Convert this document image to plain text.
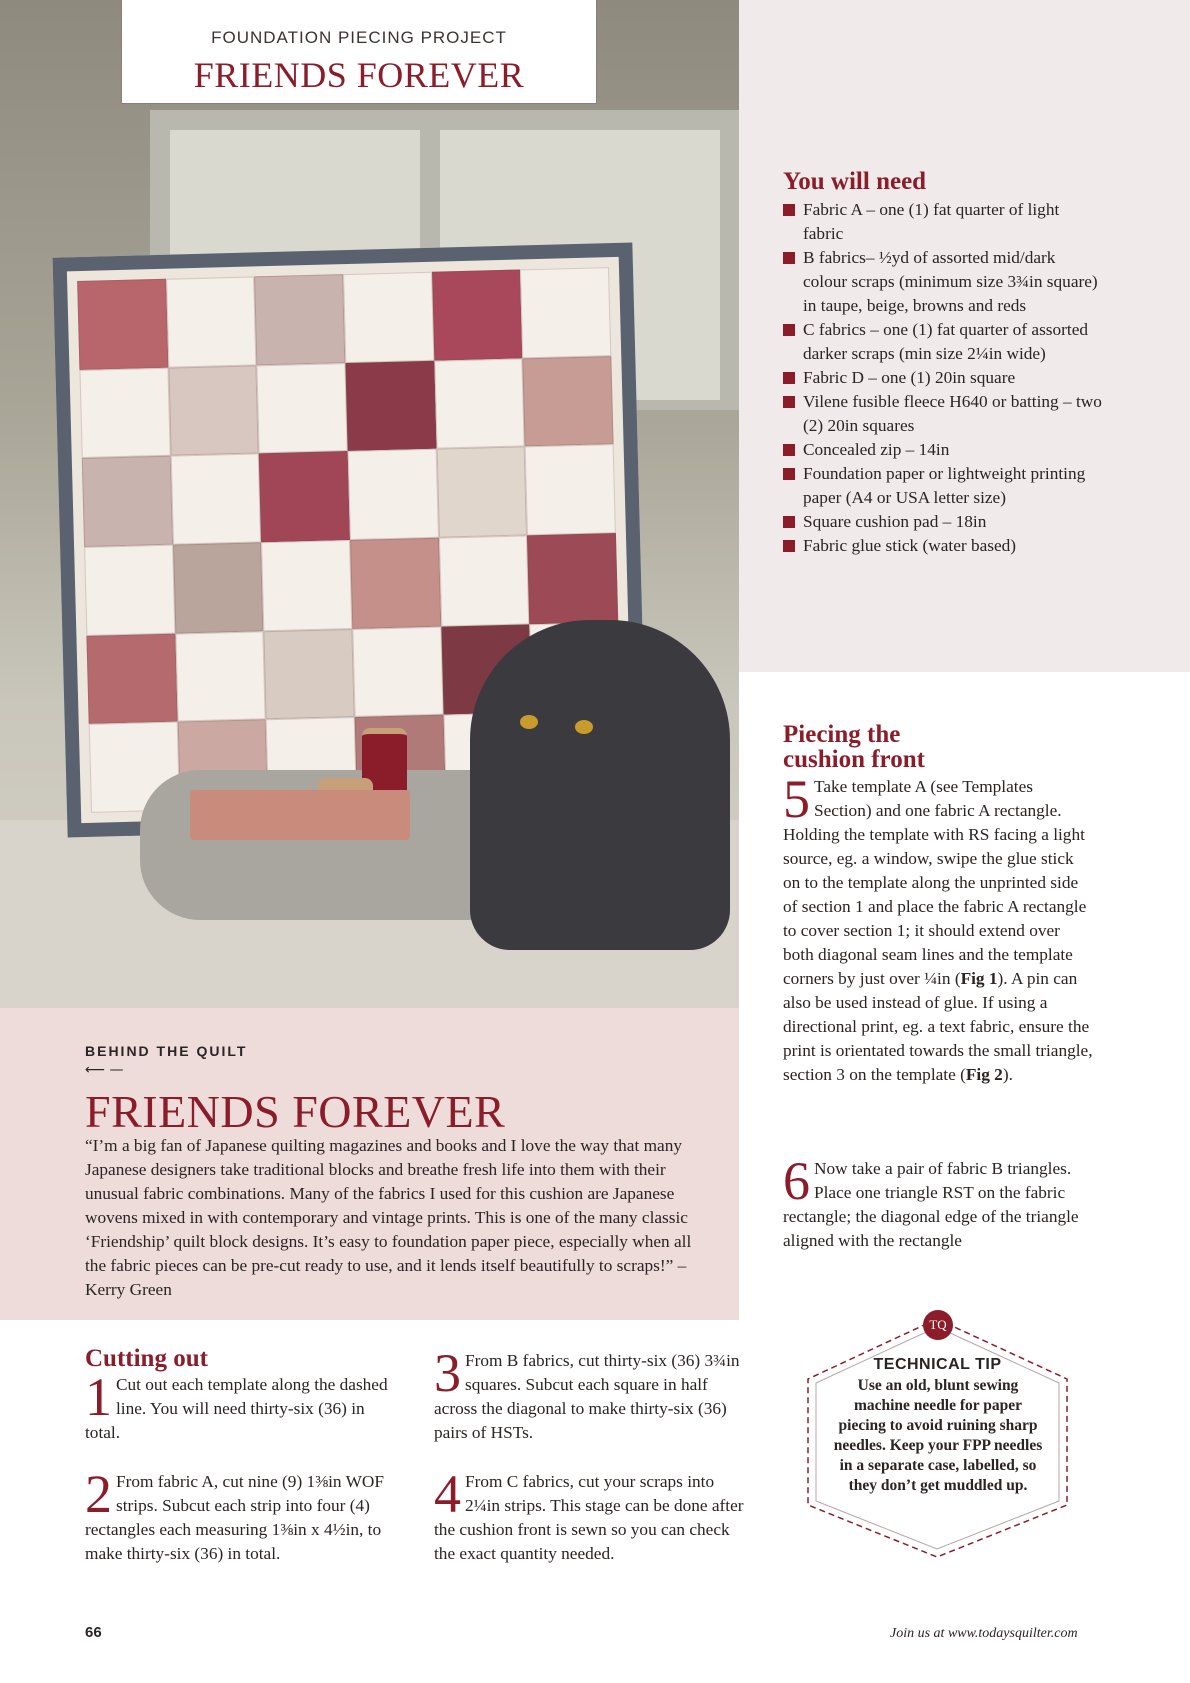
FOUNDATION PIECING PROJECT
FRIENDS FOREVER
You will need
Fabric A – one (1) fat quarter of light fabric
B fabrics– ½yd of assorted mid/dark colour scraps (minimum size 3¾in square) in taupe, beige, browns and reds
C fabrics – one (1) fat quarter of assorted darker scraps (min size 2¼in wide)
Fabric D – one (1) 20in square
Vilene fusible fleece H640 or batting – two (2) 20in squares
Concealed zip – 14in
Foundation paper or lightweight printing paper (A4 or USA letter size)
Square cushion pad – 18in
Fabric glue stick (water based)
Piecing the
cushion front
5 Take template A (see Templates Section) and one fabric A rectangle. Holding the template with RS facing a light source, eg. a window, swipe the glue stick on to the template along the unprinted side of section 1 and place the fabric A rectangle to cover section 1; it should extend over both diagonal seam lines and the template corners by just over ¼in (Fig 1). A pin can also be used instead of glue. If using a directional print, eg. a text fabric, ensure the print is orientated towards the small triangle, section 3 on the template (Fig 2).
6 Now take a pair of fabric B triangles. Place one triangle RST on the fabric rectangle; the diagonal edge of the triangle aligned with the rectangle
BEHIND THE QUILT
⟵ —
FRIENDS FOREVER
“I’m a big fan of Japanese quilting magazines and books and I love the way that many Japanese designers take traditional blocks and breathe fresh life into them with their unusual fabric combinations. Many of the fabrics I used for this cushion are Japanese wovens mixed in with contemporary and vintage prints. This is one of the many classic ‘Friendship’ quilt block designs. It’s easy to foundation paper piece, especially when all the fabric pieces can be pre-cut ready to use, and it lends itself beautifully to scraps!” – Kerry Green
Cutting out
1 Cut out each template along the dashed line. You will need thirty-six (36) in total.
2 From fabric A, cut nine (9) 1⅜in WOF strips. Subcut each strip into four (4) rectangles each measuring 1⅜in x 4½in, to make thirty-six (36) in total.
3 From B fabrics, cut thirty-six (36) 3¾in squares. Subcut each square in half across the diagonal to make thirty-six (36) pairs of HSTs.
4 From C fabrics, cut your scraps into 2¼in strips. This stage can be done after the cushion front is sewn so you can check the exact quantity needed.
TQ
TECHNICAL TIP
Use an old, blunt sewing machine needle for paper piecing to avoid ruining sharp needles. Keep your FPP needles in a separate case, labelled, so they don’t get muddled up.
66	Join us at www.todaysquilter.com
